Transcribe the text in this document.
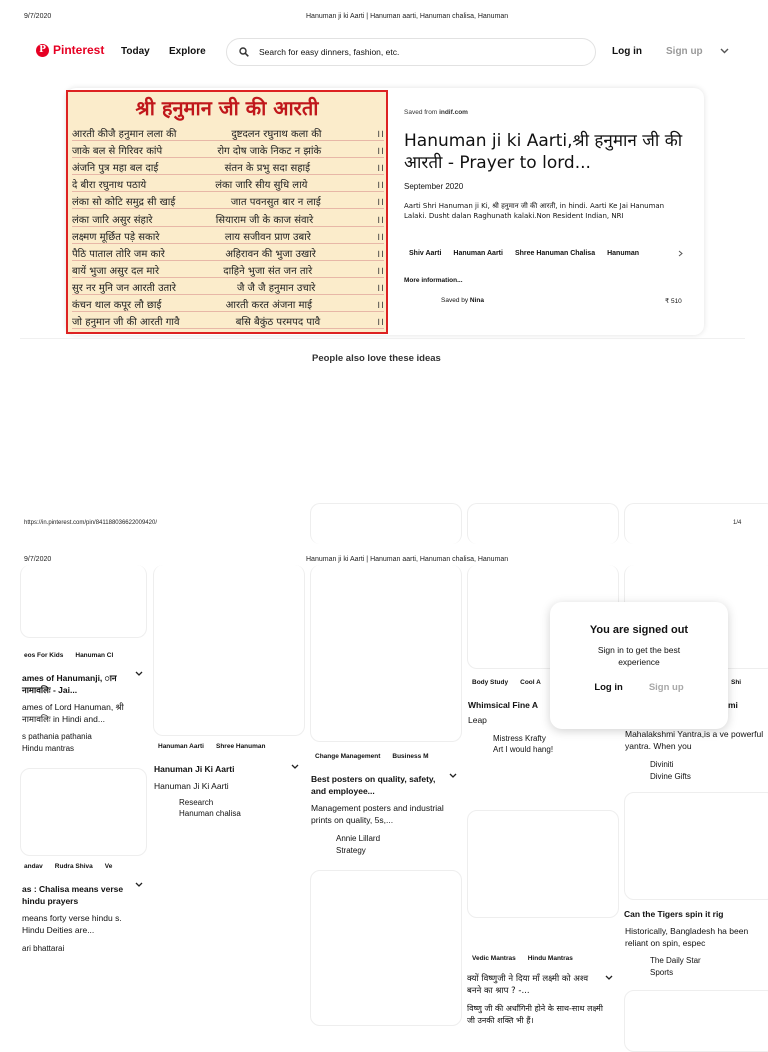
9/7/2020	Hanuman ji ki Aarti | Hanuman aarti, Hanuman chalisa, Hanuman
P Pinterest Today Explore
Search for easy dinners, fashion, etc.	Log in Sign up
श्री हनुमान जी की आरती
आरती कीजै हनुमान लला की	दुष्टदलन रघुनाथ कला की	।।
जाके बल से गिरिवर कांपे	रोग दोष जाके निकट न झांके	।।
अंजनि पुत्र महा बल दाई	संतन के प्रभु सदा सहाई	।।
दे बीरा रघुनाथ पठाये	लंका जारि सीय सुधि लाये	।।
लंका सो कोटि समुद्र सी खाई	जात पवनसुत बार न लाई	।।
लंका जारि असुर संहारे	सियाराम जी के काज संवारे	।।
लक्ष्मण मूर्छित पड़े सकारे	लाय सजीवन प्राण उबारे	।।
पैठि पाताल तोरि जम कारे	अहिरावन की भुजा उखारे	।।
बायें भुजा असुर दल मारे	दाहिने भुजा संत जन तारे	।।
सुर नर मुनि जन आरती उतारे	जै जै जै हनुमान उचारे	।।
कंचन थाल कपूर लौ छाई	आरती करत अंजना माई	।।
जो हनुमान जी की आरती गावै	बसि बैकुंठ परमपद पावै	।।
Saved from indif.com
Hanuman ji ki Aarti,श्री हनुमान जी की आरती - Prayer to lord...
September 2020
Aarti Shri Hanuman ji Ki, श्री हनुमान जी की आरती, in hindi. Aarti Ke Jai Hanuman Lalaki. Dusht dalan Raghunath kalaki.Non Resident Indian, NRI
Shiv Aarti Hanuman Aarti Shree Hanuman Chalisa Hanuman
More information...
Saved by Nina	₹ 510
People also love these ideas
https://in.pinterest.com/pin/841188036622009420/	1/4
9/7/2020	Hanuman ji ki Aarti | Hanuman aarti, Hanuman chalisa, Hanuman
eos For Kids Hanuman Cl
ames of Hanumanji, ान नामावलिः - Jai...
ames of Lord Hanuman, श्री नामावलिः in Hindi and...
s pathania pathania
Hindu mantras
andav Rudra Shiva Ve
as : Chalisa means verse hindu prayers
means forty verse hindu s. Hindu Deities are...
ari bhattarai
Hanuman Aarti Shree Hanuman
Hanuman Ji Ki Aarti
Hanuman Ji Ki Aarti
Research
Hanuman chalisa
Change Management Business M
Best posters on quality, safety, and employee...
Management posters and industrial prints on quality, 5s,...
Annie Lillard
Strategy
Body Study Cool A
Whimsical Fine A
Leap
Mistress Krafty
Art I would hang!
Vedic Mantras Hindu Mantras
क्यों विष्णुजी ने दिया माँ लक्ष्मी को अश्व बनने का श्राप ? -...
विष्णु जी की अर्धांगिनी होने के साथ-साथ लक्ष्मी जी उनकी शक्ति भी हैं।
Shi
mi
Mahalakshmi Yantra,is a ve powerful yantra. When you
Diviniti
Divine Gifts
Can the Tigers spin it rig
Historically, Bangladesh ha been reliant on spin, espec
The Daily Star
Sports
You are signed out
Sign in to get the best experience
Log in	Sign up
